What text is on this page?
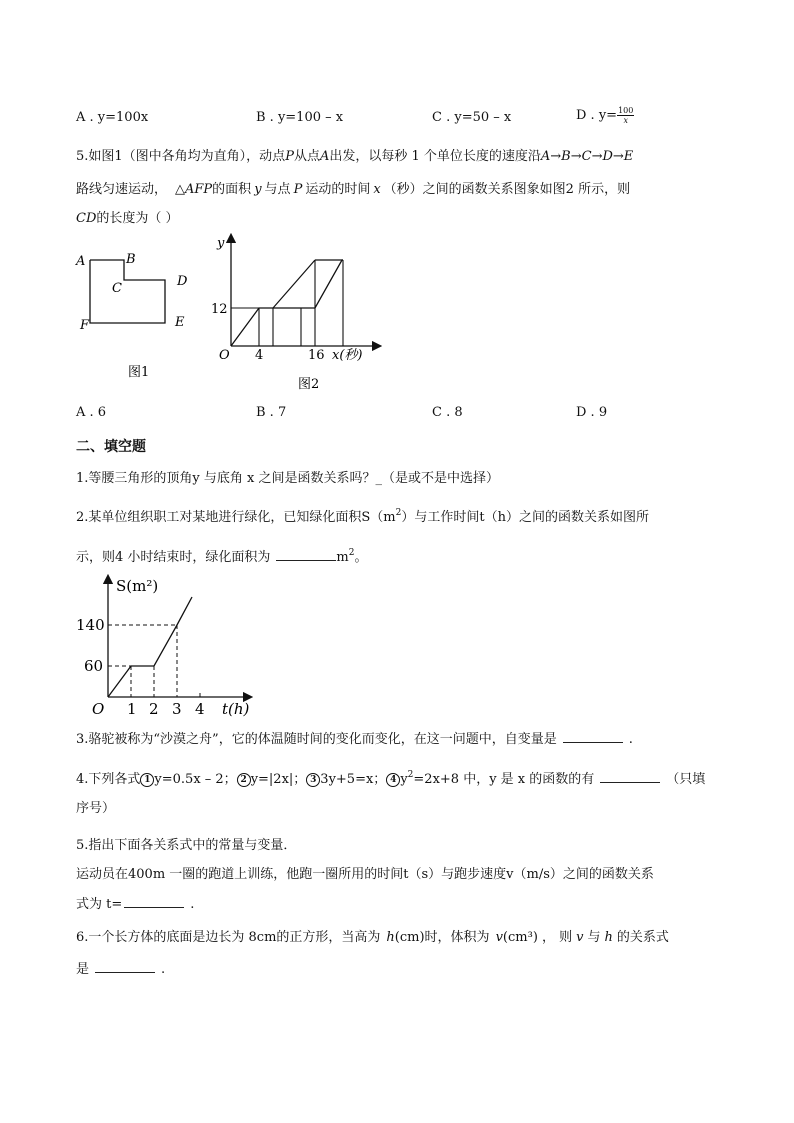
A . y=100x	B . y=100 – x	C . y=50 – x	D . $y= \frac{100}{x}$
5.如图1（图中各角均为直角），动点P从点A出发，以每秒 1 个单位长度的速度沿A→B→C→D→E
路线匀速运动， △AFP的面积 y 与点 P 运动的时间 x （秒）之间的函数关系图象如图2 所示，则
CD的长度为（ ）
A	B
C	D
E
F
图1
y
12
O 4	16 x(秒)
图2
A . 6	B . 7	C . 8	D . 9
二、填空题
1.等腰三角形的顶角y 与底角 x 之间是函数关系吗？_（是或不是中选择）
2.某单位组织职工对某地进行绿化，已知绿化面积$S(m^2)$与工作时间t（h）之间的函数关系如图所
示，则4 小时结束时，绿化面积为	$m^2$。
S(m²)
140
60
O 1 2 3 4 t(h)
3.骆驼被称为“沙漠之舟”，它的体温随时间的变化而变化，在这一问题中，自变量是	.
4.下列各式 1 y=0.5x – 2； 2 y=|2x|； 3 3y+5=x； 4 $y^2=2x+8$ 中，y 是 x 的函数的有	（只填
序号）
5.指出下面各关系式中的常量与变量．
运动员在400m 一圈的跑道上训练，他跑一圈所用的时间t（s）与跑步速度v（m/s）之间的函数关系
式为 t=	.
6.一个长方体的底面是边长为 8cm的正方形，当高为 h(cm)时，体积为 v(cm³) ， 则 v 与 h 的关系式
是	.
